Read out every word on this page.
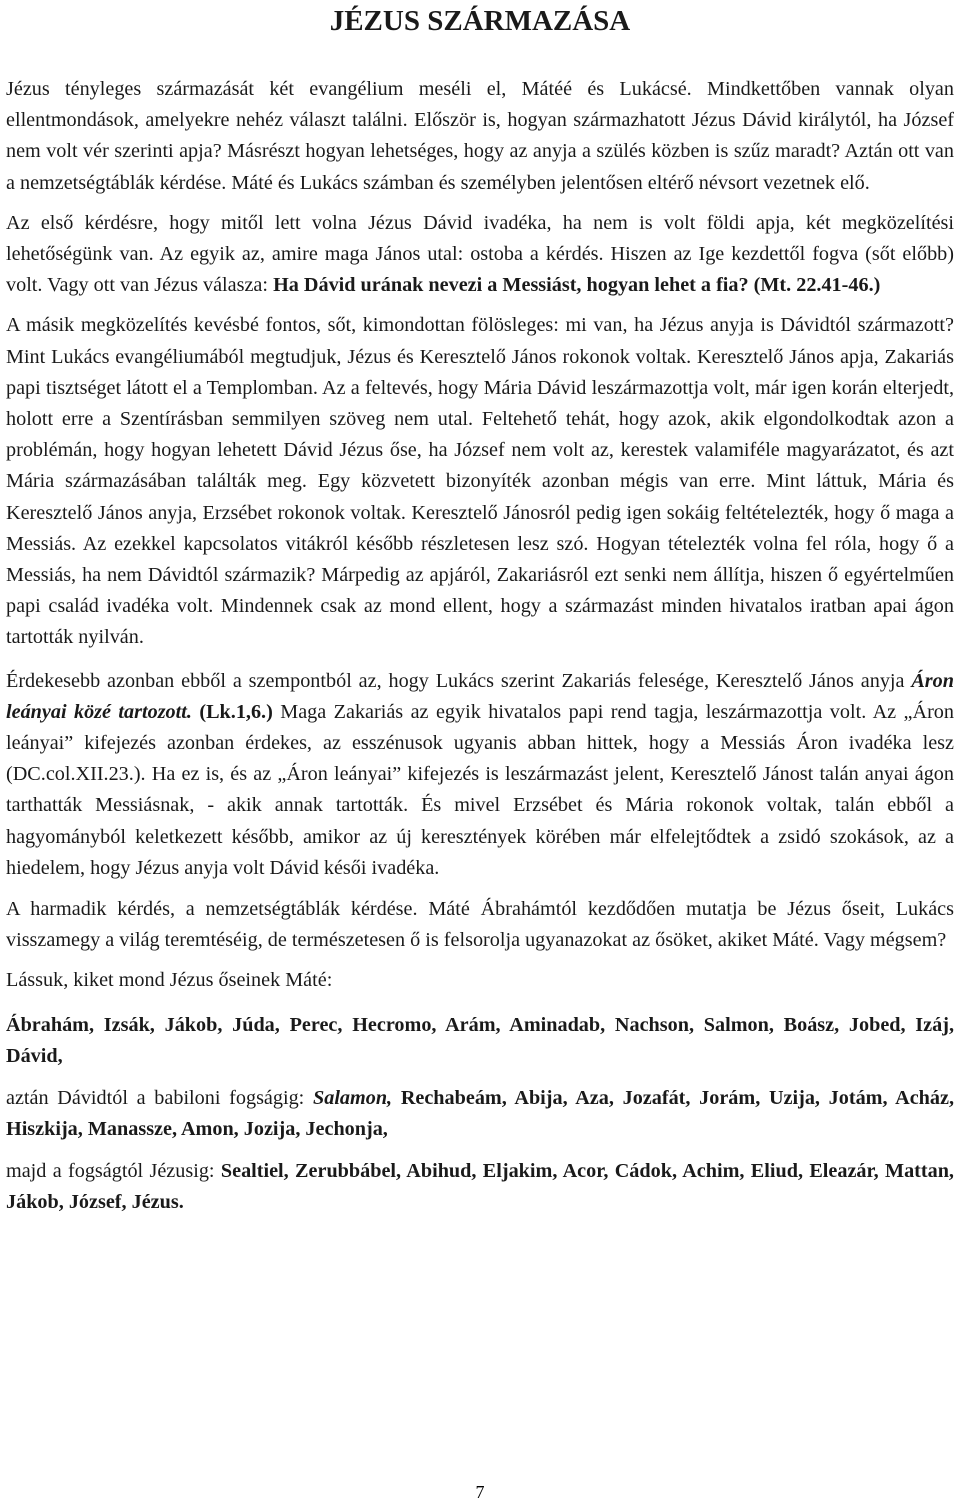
JÉZUS SZÁRMAZÁSA

Jézus tényleges származását két evangélium meséli el, Mátéé és Lukácsé. Mindkettőben vannak olyan ellentmondások, amelyekre nehéz választ találni. Először is, hogyan származhatott Jézus Dávid királytól, ha József nem volt vér szerinti apja? Másrészt hogyan lehetséges, hogy az anyja a szülés közben is szűz maradt? Aztán ott van a nemzetségtáblák kérdése. Máté és Lukács számban és személyben jelentősen eltérő névsort vezetnek elő.

Az első kérdésre, hogy mitől lett volna Jézus Dávid ivadéka, ha nem is volt földi apja, két megközelítési lehetőségünk van. Az egyik az, amire maga János utal: ostoba a kérdés. Hiszen az Ige kezdettől fogva (sőt előbb) volt. Vagy ott van Jézus válasza: Ha Dávid urának nevezi a Messiást, hogyan lehet a fia? (Mt. 22.41-46.)

A másik megközelítés kevésbé fontos, sőt, kimondottan fölösleges: mi van, ha Jézus anyja is Dávidtól származott? Mint Lukács evangéliumából megtudjuk, Jézus és Keresztelő János rokonok voltak. Keresztelő János apja, Zakariás papi tisztséget látott el a Templomban. Az a feltevés, hogy Mária Dávid leszármazottja volt, már igen korán elterjedt, holott erre a Szentírásban semmilyen szöveg nem utal. Feltehető tehát, hogy azok, akik elgondolkodtak azon a problémán, hogy hogyan lehetett Dávid Jézus őse, ha József nem volt az, kerestek valamiféle magyarázatot, és azt Mária származásában találták meg. Egy közvetett bizonyíték azonban mégis van erre. Mint láttuk, Mária és Keresztelő János anyja, Erzsébet rokonok voltak. Keresztelő Jánosról pedig igen sokáig feltételezték, hogy ő maga a Messiás. Az ezekkel kapcsolatos vitákról később részletesen lesz szó. Hogyan tételezték volna fel róla, hogy ő a Messiás, ha nem Dávidtól származik? Márpedig az apjáról, Zakariásról ezt senki nem állítja, hiszen ő egyértelműen papi család ivadéka volt. Mindennek csak az mond ellent, hogy a származást minden hivatalos iratban apai ágon tartották nyilván.

Érdekesebb azonban ebből a szempontból az, hogy Lukács szerint Zakariás felesége, Keresztelő János anyja Áron leányai közé tartozott. (Lk.1,6.) Maga Zakariás az egyik hivatalos papi rend tagja, leszármazottja volt. Az „Áron leányai” kifejezés azonban érdekes, az esszénusok ugyanis abban hittek, hogy a Messiás Áron ivadéka lesz (DC.col.XII.23.). Ha ez is, és az „Áron leányai” kifejezés is leszármazást jelent, Keresztelő Jánost talán anyai ágon tarthatták Messiásnak, - akik annak tartották. És mivel Erzsébet és Mária rokonok voltak, talán ebből a hagyományból keletkezett később, amikor az új keresztények körében már elfelejtődtek a zsidó szokások, az a hiedelem, hogy Jézus anyja volt Dávid késői ivadéka.

A harmadik kérdés, a nemzetségtáblák kérdése. Máté Ábrahámtól kezdődően mutatja be Jézus őseit, Lukács visszamegy a világ teremtéséig, de természetesen ő is felsorolja ugyanazokat az ősöket, akiket Máté. Vagy mégsem?

Lássuk, kiket mond Jézus őseinek Máté:

Ábrahám, Izsák, Jákob, Júda, Perec, Hecromo, Arám, Aminadab, Nachson, Salmon, Boász, Jobed, Izáj, Dávid,

aztán Dávidtól a babiloni fogságig: Salamon, Rechabeám, Abija, Aza, Jozafát, Jorám, Uzija, Jotám, Acház, Hiszkija, Manassze, Amon, Jozija, Jechonja,

majd a fogságtól Jézusig: Sealtiel, Zerubbábel, Abihud, Eljakim, Acor, Cádok, Achim, Eliud, Eleazár, Mattan, Jákob, József, Jézus.

7
